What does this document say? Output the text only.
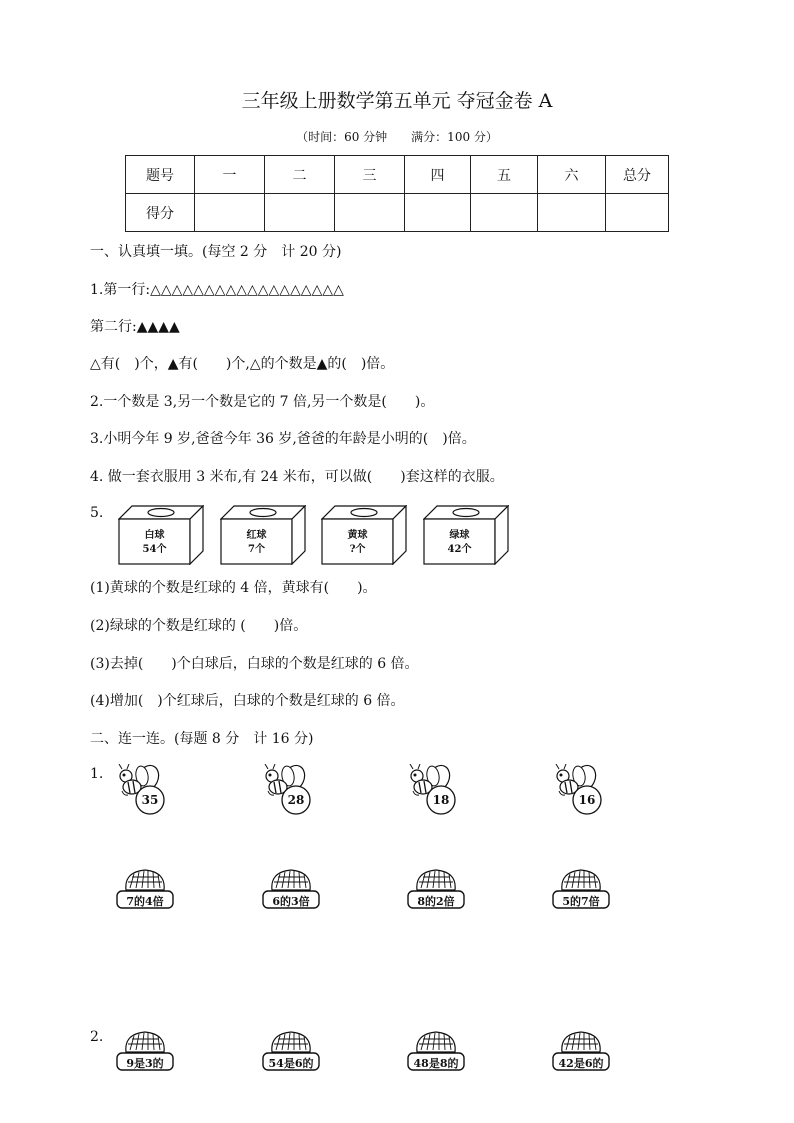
三年级上册数学第五单元 夺冠金卷 A
（时间：60 分钟　　满分：100 分）
题号	一	二	三	四	五	六	总分
得分							
一、认真填一填。(每空 2 分　计 20 分)
1.第一行:△△△△△△△△△△△△△△△△△△
第二行:▲▲▲▲
△有(　)个，▲有(　　)个,△的个数是▲的(　)倍。
2.一个数是 3,另一个数是它的 7 倍,另一个数是(　　)。
3.小明今年 9 岁,爸爸今年 36 岁,爸爸的年龄是小明的(　)倍。
4. 做一套衣服用 3 米布,有 24 米布，可以做(　　)套这样的衣服。
5.
白球
54个
红球
7个
黄球
?个
绿球
42个
(1)黄球的个数是红球的 4 倍，黄球有(　　)。
(2)绿球的个数是红球的 (　　)倍。
(3)去掉(　　)个白球后，白球的个数是红球的 6 倍。
(4)增加(　)个红球后，白球的个数是红球的 6 倍。
二、连一连。(每题 8 分　计 16 分)
1.
35	28	18	16
7的4倍	6的3倍	8的2倍	5的7倍
2.
9是3的	54是6的	48是8的	42是6的
